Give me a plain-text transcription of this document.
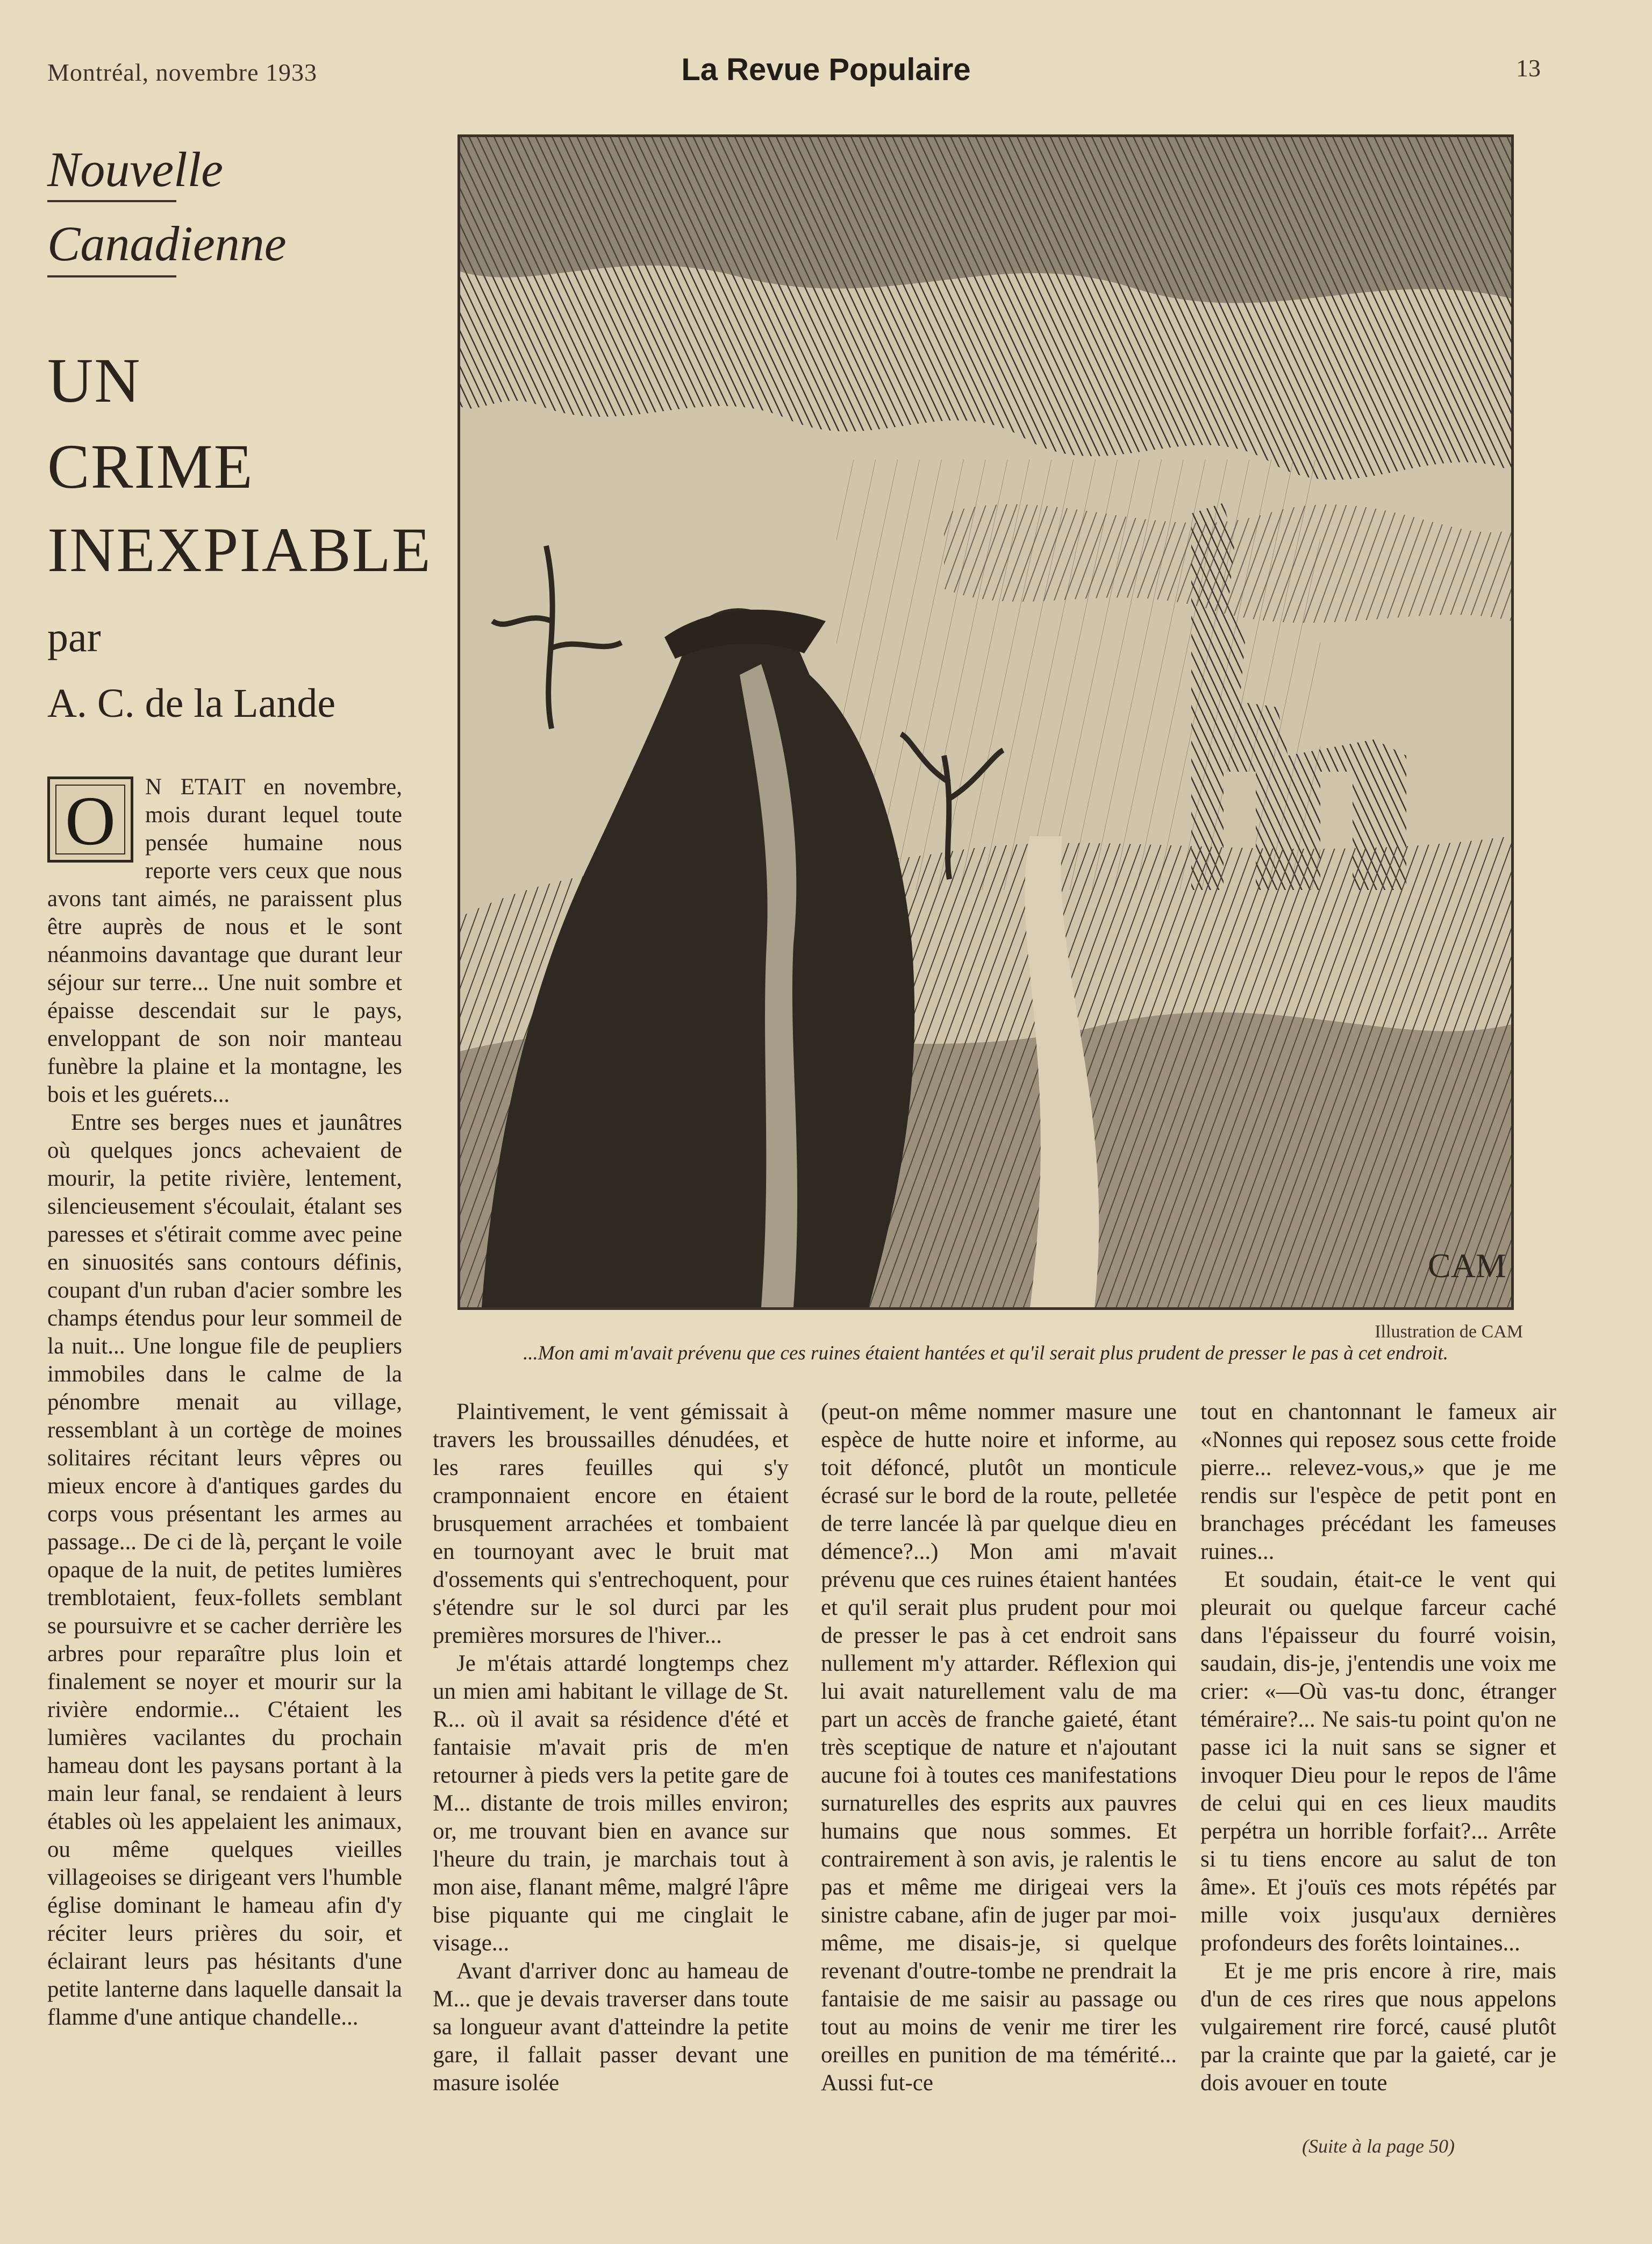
Montréal, novembre 1933	La Revue Populaire	13
Nouvelle
Canadienne
UN
CRIME
INEXPIABLE
par
A. C. de la Lande
O	N ETAIT en novembre, mois durant lequel toute pensée humaine nous reporte vers ceux que nous avons tant aimés, ne paraissent plus être auprès de nous et le sont néanmoins davantage que durant leur séjour sur terre... Une nuit sombre et épaisse descendait sur le pays, enveloppant de son noir manteau funèbre la plaine et la montagne, les bois et les guérets...

Entre ses berges nues et jaunâtres où quelques joncs achevaient de mourir, la petite rivière, lentement, silencieusement s'écoulait, étalant ses paresses et s'étirait comme avec peine en sinuosités sans contours définis, coupant d'un ruban d'acier sombre les champs étendus pour leur sommeil de la nuit... Une longue file de peupliers immobiles dans le calme de la pénombre menait au village, ressemblant à un cortège de moines solitaires récitant leurs vêpres ou mieux encore à d'antiques gardes du corps vous présentant les armes au passage... De ci de là, perçant le voile opaque de la nuit, de petites lumières tremblotaient, feux-follets semblant se poursuivre et se cacher derrière les arbres pour reparaître plus loin et finalement se noyer et mourir sur la rivière endormie... C'étaient les lumières vacilantes du prochain hameau dont les paysans portant à la main leur fanal, se rendaient à leurs étables où les appelaient les animaux, ou même quelques vieilles villageoises se dirigeant vers l'humble église dominant le hameau afin d'y réciter leurs prières du soir, et éclairant leurs pas hésitants d'une petite lanterne dans laquelle dansait la flamme d'une antique chandelle...

CAM
Illustration de CAM
...Mon ami m'avait prévenu que ces ruines étaient hantées et qu'il serait plus prudent de presser le pas à cet endroit.

Plaintivement, le vent gémissait à travers les broussailles dénudées, et les rares feuilles qui s'y cramponnaient encore en étaient brusquement arrachées et tombaient en tournoyant avec le bruit mat d'ossements qui s'entrechoquent, pour s'étendre sur le sol durci par les premières morsures de l'hiver...

Je m'étais attardé longtemps chez un mien ami habitant le village de St. R... où il avait sa résidence d'été et fantaisie m'avait pris de m'en retourner à pieds vers la petite gare de M... distante de trois milles environ; or, me trouvant bien en avance sur l'heure du train, je marchais tout à mon aise, flanant même, malgré l'âpre bise piquante qui me cinglait le visage...

Avant d'arriver donc au hameau de M... que je devais traverser dans toute sa longueur avant d'atteindre la petite gare, il fallait passer devant une masure isolée

(peut-on même nommer masure une espèce de hutte noire et informe, au toit défoncé, plutôt un monticule écrasé sur le bord de la route, pelletée de terre lancée là par quelque dieu en démence?...) Mon ami m'avait prévenu que ces ruines étaient hantées et qu'il serait plus prudent pour moi de presser le pas à cet endroit sans nullement m'y attarder. Réflexion qui lui avait naturellement valu de ma part un accès de franche gaieté, étant très sceptique de nature et n'ajoutant aucune foi à toutes ces manifestations surnaturelles des esprits aux pauvres humains que nous sommes. Et contrairement à son avis, je ralentis le pas et même me dirigeai vers la sinistre cabane, afin de juger par moi-même, me disais-je, si quelque revenant d'outre-tombe ne prendrait la fantaisie de me saisir au passage ou tout au moins de venir me tirer les oreilles en punition de ma témérité... Aussi fut-ce

tout en chantonnant le fameux air «Nonnes qui reposez sous cette froide pierre... relevez-vous,» que je me rendis sur l'espèce de petit pont en branchages précédant les fameuses ruines...

Et soudain, était-ce le vent qui pleurait ou quelque farceur caché dans l'épaisseur du fourré voisin, saudain, dis-je, j'entendis une voix me crier: «—Où vas-tu donc, étranger téméraire?... Ne sais-tu point qu'on ne passe ici la nuit sans se signer et invoquer Dieu pour le repos de l'âme de celui qui en ces lieux maudits perpétra un horrible forfait?... Arrête si tu tiens encore au salut de ton âme». Et j'ouïs ces mots répétés par mille voix jusqu'aux dernières profondeurs des forêts lointaines...

Et je me pris encore à rire, mais d'un de ces rires que nous appelons vulgairement rire forcé, causé plutôt par la crainte que par la gaieté, car je dois avouer en toute

(Suite à la page 50)
